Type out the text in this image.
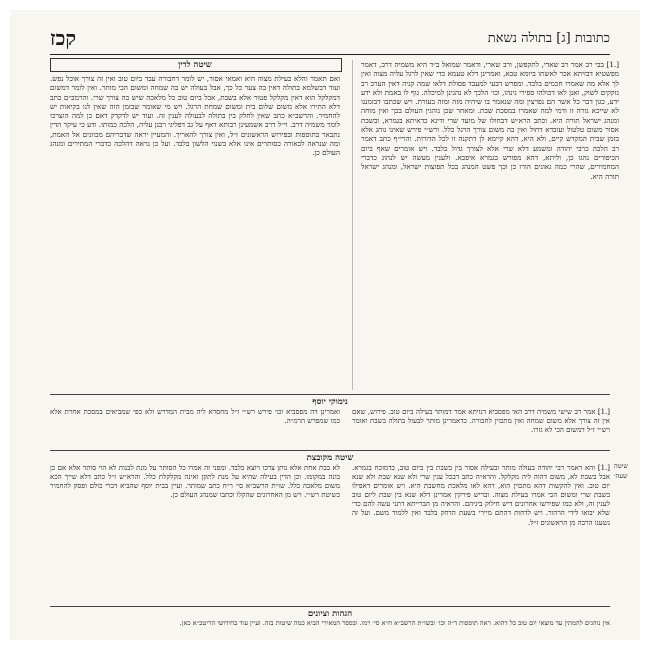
קכז	כתובות [ג] בתולה נשאת
שיטה לדין

ואם תאמר והלא בעילת מצוה היא ואמאי אסור, יש לומר דחבורה עבד ביום טוב ואין זה צורך אוכל נפש. ועוד דבשלמא בתולה דאין בה צער כל כך, אבל בעולה יש בה שמחה ומשום הכי מותר. ואין לומר דמשום דמקלקל הוא דאין מקלקל פטור אלא בשבת, אבל ביום טוב כל מלאכה שיש בה צורך שרי. והרמב״ם כתב דלא התירו אלא משום שלום בית ומשום שמחת הרגל. ויש מי שאומר שבזמן הזה שאין לנו בקיאות יש להחמיר. והרשב״א כתב שאין לחלק בין בתולה לבעולה לענין זה. ועוד יש לדקדק דאם כן למה הוצרכו לומר משמיה דרב. וי״ל דרב אשמעינן רבותא דאף על גב דפליגי רבנן עליה, הלכה כמותו. ודע כי עיקר הדין נתבאר בתוספות ובפירוש הראשונים ז״ל, ואין צורך להאריך. והמעיין יראה שדבריהם מכוונים אל האמת, ומה שנראה לכאורה כסותרים אינו אלא בשנוי הלשון בלבד. ועל כן נראה דהלכה כדברי המתירים ומנהג העולם כן.

[.1] בבי רב אמר רב שאדי, לתקפשן, ורב שארי, ודאמר שמואל ב״ד היא משמיה דרב, דאמר מפשטיא דבזיתא אכר לאשתו ביומא טבא, ואמרינן דלא טעמא כדי שאין לרגל עליה מצוה ואין לך אלא מה שאמרו חכמים בלבד. ומפרש דבעי למעבד פסולת דלאו שמה קניה דאין הערב רב נזקקים לשוק, ואנן לאו דכולהו ספירי נינהו, וכו׳ הלכך לא נהגינן למיכלה. גוף לו באמת ולא ידע ידע, כגון דבר כל אשר הם נפרצין ומה שנאמר בו שיהיה מזה ומזה בעזרת. ויש שכתבו דבזמננו לא שייכא גזרה זו ודמי למה שאמרו במסכת שבת. ומאחר שכן נוהגין העולם בכך ואין מוחה ומנהג ישראל תורה היא. וכתב הרא״ש דבחולו של מועד שרי ודינא כדאיתא בגמרא, ובשבת אסור משום טלטול ועובדא דחול ואין בה משום צורך הרגל כלל. ורש״י פירש שאינו נוהג אלא בזמן שבית המקדש קיים, ולא היא, דהא קיימא לן דתקנה זו לכל הדורות. והרי״ף כתב דאמר רב הלכה כרבי יהודה ומשמע דלא שרי אלא לצורך גדול בלבד. ויש אומרים שאף ביום הכיפורים נהגו כן, וליתא, דהא מפורש בגמרא איפכא. ולענין מעשה יש לנהוג כדברי המחמירים, שהרי כמה גאונים הורו כן וכך פשט המנהג בכל תפוצות ישראל, ומנהג ישראל תורה היא.

נימוקי יוסף

[.1] אמר רב שישי משמיה דרב האי מפסביא דנזיתא אמר דמותר בעילה ביום טוב. פירוש, שאם אין זה צורך אלא משום שמחה ואין מתכוין לחבורה. כדאמרינן מותר לבעול בתולה בשבת ואומר רש״י ז״ל דמשום הכי לא גזרו.

ואמרינן דה מפסביא וכו׳ פירש רש״י ז״ל מחסרא ליה מבית המדרש ולא כפי שמביאים במסכת אחרת אלא כמו שמפרש הרמ״ה.

שיטה מקובצת
שיטה
שעה׳

[.1] והא דאמר רבי יהודה בעולה מותר ובעילה אסור בין בשבת בין ביום טוב, כדמוכח בגמרא. אבל בשבת לא, משום דהוה ליה מקלקל. והרא״ה כתב דבכל ענין שרי ולא שנא שבת ולא שנא יום טוב. ואין להקשות דהא מתכוין הוא, דהא לאו מלאכת מחשבת היא. ויש אומרים דאפילו בשבת שרי ומשום הכי אמרו בעילת מצוה. ובריש פירקין אמרינן דלא שנא בין שבת ליום טוב לענין זה, ולא כמו שפירשו אחרונים דיש חילוק ביניהם. והראיה מן הברייתא דתני עשה להם כדי שלא יבואו לידי הרהור. ויש לדחות דהתם מיירי בשעת הדחק בלבד ואין ללמוד משם. ועל זה נשענו הרבה מן הראשונים ז״ל.

לא בבת אחת אלא נותן צרכו ויוצא בלבד. ומפני זה אמרו כל הסותר על מנת לבנות לא הוי סותר אלא אם כן בונה במקומו. וכן הדין בעילה שהיא על מנת לתקן ואינה מקלקלת כלל. והרא״ש ז״ל כתב דלא שייך הכא משום מלאכה כלל. שו״ת הרשב״א סי׳ ר״ח כתב שמותר. ועיין בבית יוסף שהביא דברי כולם ופסק להחמיר כשיטת רש״י. ויש מן האחרונים שהקלו וכתבו שמנהג העולם כן.

הגהות וציונים

אין נוהגים להמתין עד מוצאי יום טוב כל דהוא. ראה תוספות ד״ה וכו׳ ובשו״ת הרשב״א ח״א סי׳ רמו. ובספר המאירי הביא כמה שיטות בזה. ועיין עוד בחידושי הריטב״א כאן.
